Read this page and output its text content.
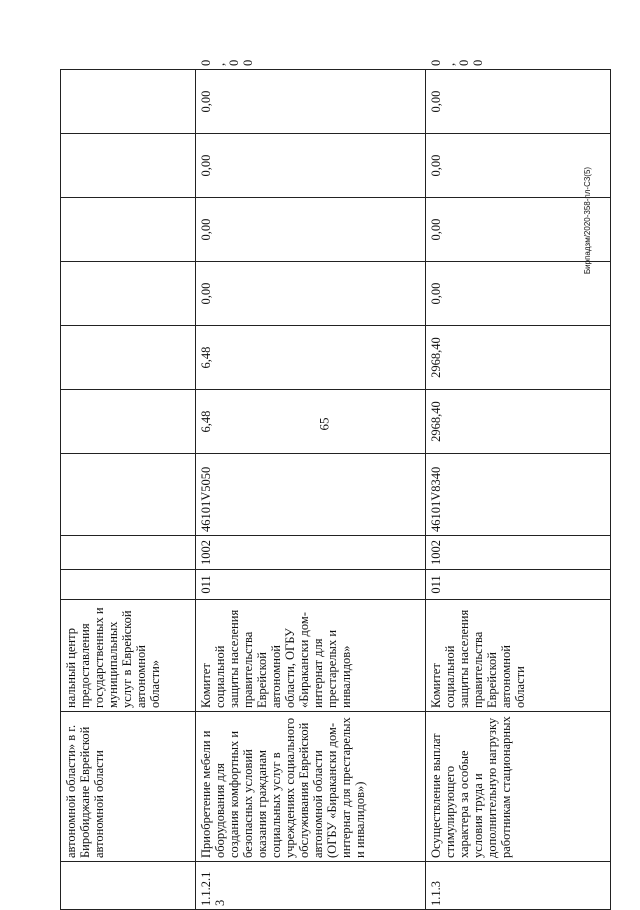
65
Бирпадзм/2020-358-пл-С3(5)
	автономной области» в г. Биробиджане Еврейской автономной области	нальный центр предоставления государственных и муниципальных услуг в Еврейской автономной области»										
1.1.2.1 3	Приобретение мебели и оборудования для создания комфортных и безопасных условий оказания гражданам социальных услуг в учреждениях социального обслуживания Еврейской автономной области (ОГБУ «Биракански дом-интернат для престарелых и инвалидов»)	Комитет социальной защиты населения правительства Еврейской автономной области, ОГБУ «Биракански дом-интернат для престарелых и инвалидов»	011	1002	46101V5050	6,48	6,48	0,00	0,00	0,00	0,00	0,00
1.1.3	Осуществление выплат стимулирующего характера за особые условия труда и дополнительную нагрузку работникам стационарных	Комитет социальной защиты населения правительства Еврейской автономной области	011	1002	46101V8340	2968,40	2968,40	0,00	0,00	0,00	0,00	0,00
